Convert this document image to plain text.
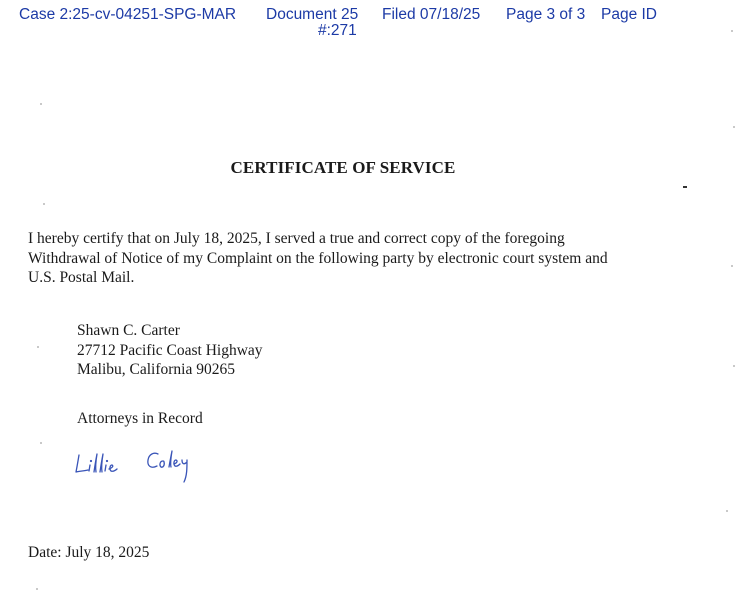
Case 2:25-cv-04251-SPG-MAR Document 25
#:271
Filed 07/18/25 Page 3 of 3 Page ID
CERTIFICATE OF SERVICE
I hereby certify that on July 18, 2025, I served a true and correct copy of the foregoing
Withdrawal of Notice of my Complaint on the following party by electronic court system and
U.S. Postal Mail.
Shawn C. Carter
27712 Pacific Coast Highway
Malibu, California 90265
Attorneys in Record
Date: July 18, 2025
